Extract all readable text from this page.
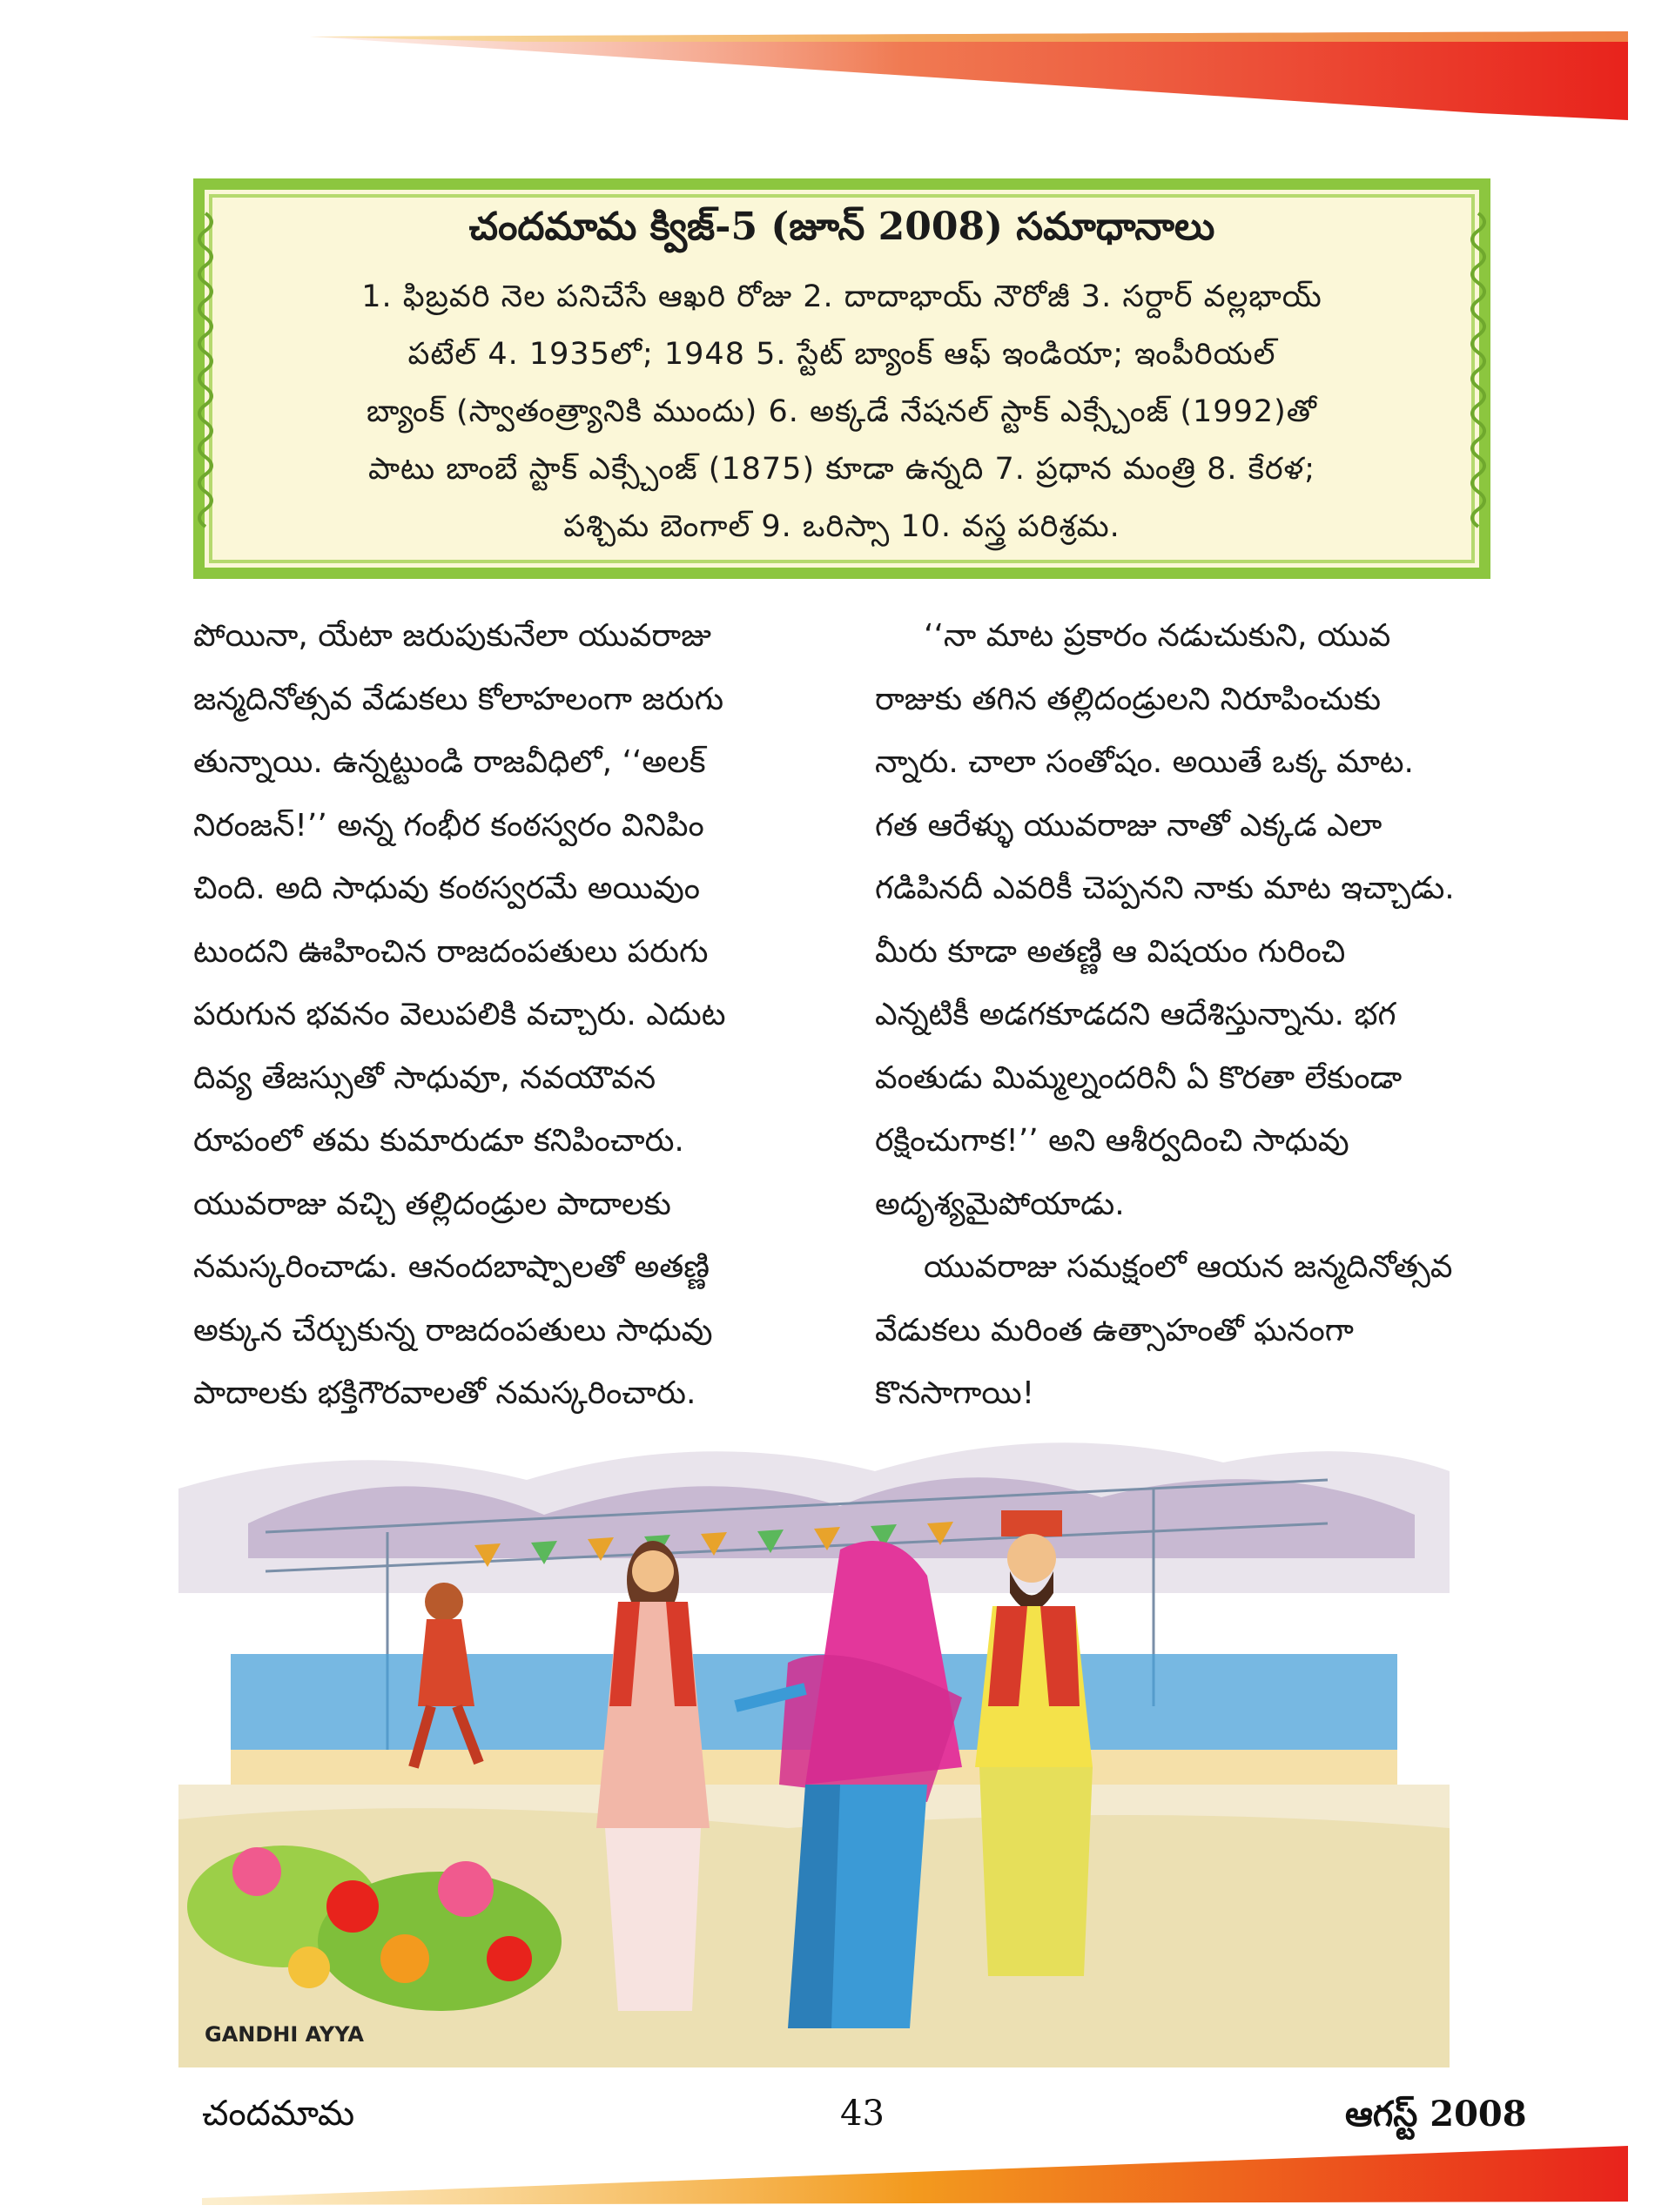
చందమామ క్విజ్-5 (జూన్ 2008) సమాధానాలు
1. ఫిబ్రవరి నెల పనిచేసే ఆఖరి రోజు 2. దాదాభాయ్ నౌరోజీ 3. సర్దార్ వల్లభాయ్
పటేల్ 4. 1935లో; 1948 5. స్టేట్ బ్యాంక్ ఆఫ్ ఇండియా; ఇంపీరియల్
బ్యాంక్ (స్వాతంత్ర్యానికి ముందు) 6. అక్కడే నేషనల్ స్టాక్ ఎక్స్చేంజ్ (1992)తో
పాటు బాంబే స్టాక్ ఎక్స్చేంజ్ (1875) కూడా ఉన్నది 7. ప్రధాన మంత్రి 8. కేరళ;
పశ్చిమ బెంగాల్ 9. ఒరిస్సా 10. వస్త్ర పరిశ్రమ.
పోయినా, యేటా జరుపుకునేలా యువరాజు
జన్మదినోత్సవ వేడుకలు కోలాహలంగా జరుగు
తున్నాయి. ఉన్నట్టుండి రాజవీధిలో, ‘‘అలక్
నిరంజన్!’’ అన్న గంభీర కంఠస్వరం వినిపిం
చింది. అది సాధువు కంఠస్వరమే అయివుం
టుందని ఊహించిన రాజదంపతులు పరుగు
పరుగున భవనం వెలుపలికి వచ్చారు. ఎదుట
దివ్య తేజస్సుతో సాధువూ, నవయౌవన
రూపంలో తమ కుమారుడూ కనిపించారు.
యువరాజు వచ్చి తల్లిదండ్రుల పాదాలకు
నమస్కరించాడు. ఆనందబాష్పాలతో అతణ్ణి
అక్కున చేర్చుకున్న రాజదంపతులు సాధువు
పాదాలకు భక్తిగౌరవాలతో నమస్కరించారు.
‘‘నా మాట ప్రకారం నడుచుకుని, యువ
రాజుకు తగిన తల్లిదండ్రులని నిరూపించుకు
న్నారు. చాలా సంతోషం. అయితే ఒక్క మాట.
గత ఆరేళ్ళు యువరాజు నాతో ఎక్కడ ఎలా
గడిపినదీ ఎవరికీ చెప్పనని నాకు మాట ఇచ్చాడు.
మీరు కూడా అతణ్ణి ఆ విషయం గురించి
ఎన్నటికీ అడగకూడదని ఆదేశిస్తున్నాను. భగ
వంతుడు మిమ్మల్నందరినీ ఏ కొరతా లేకుండా
రక్షించుగాక!’’ అని ఆశీర్వదించి సాధువు
అదృశ్యమైపోయాడు.
యువరాజు సమక్షంలో ఆయన జన్మదినోత్సవ
వేడుకలు మరింత ఉత్సాహంతో ఘనంగా
కొనసాగాయి!
GANDHI AYYA
చందమామ	43	ఆగస్ట్ 2008
